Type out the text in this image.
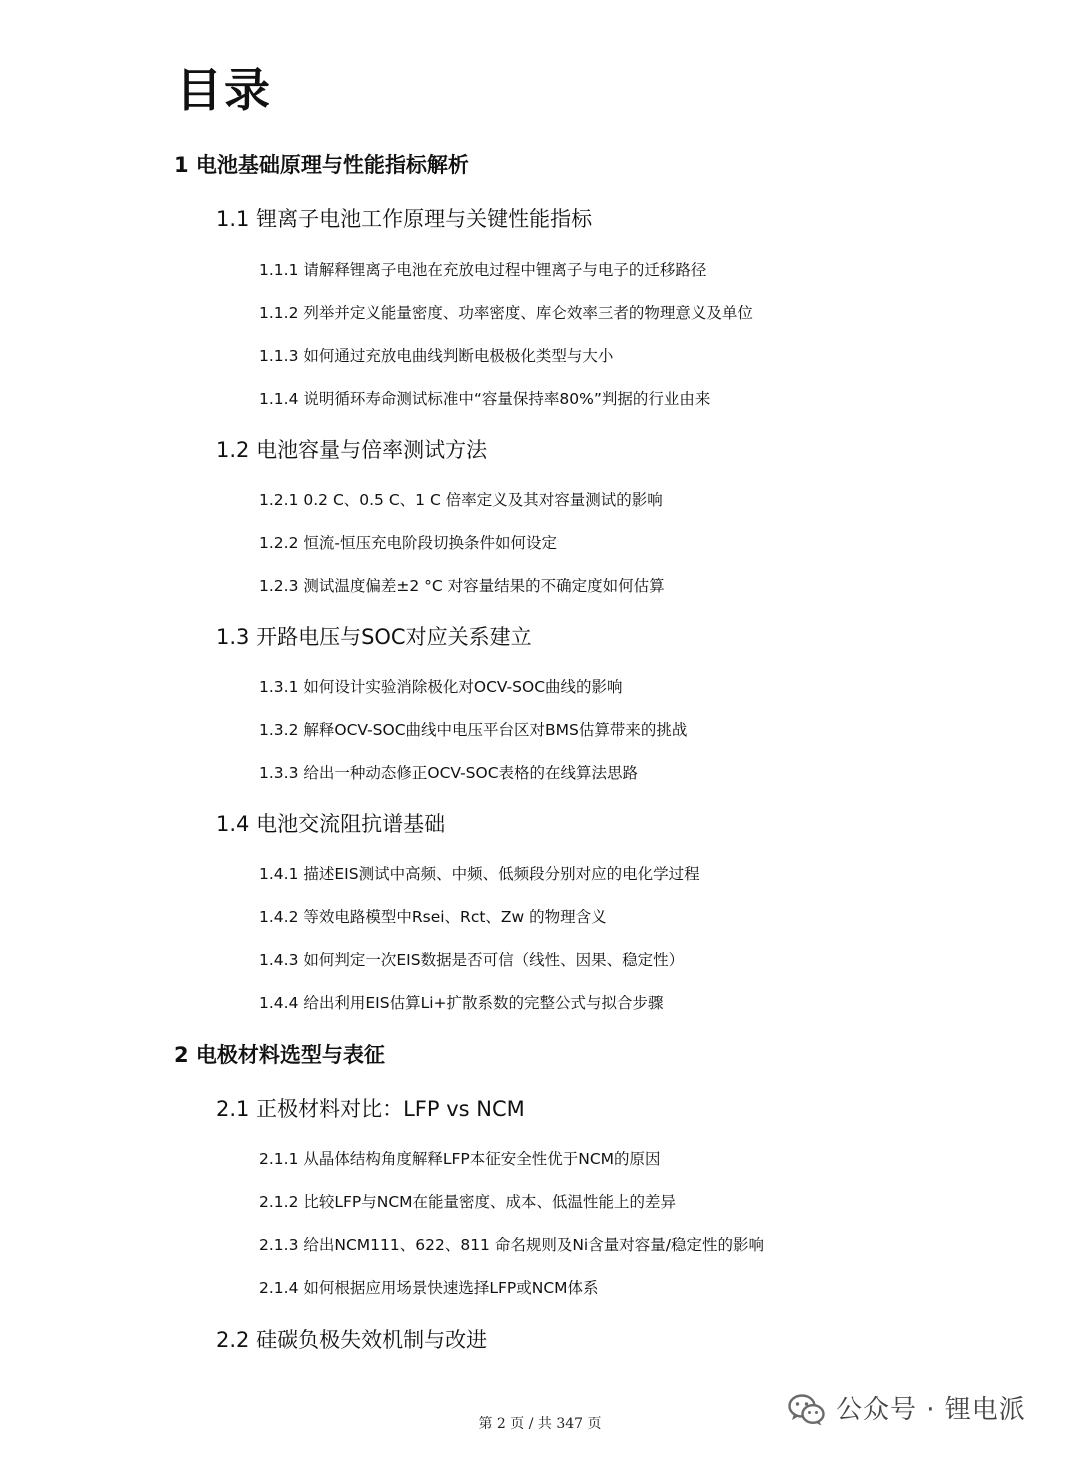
目录
1 电池基础原理与性能指标解析
2 电极材料选型与表征
1.1 锂离子电池工作原理与关键性能指标
1.2 电池容量与倍率测试方法
1.3 开路电压与SOC对应关系建立
1.4 电池交流阻抗谱基础
2.1 正极材料对比：LFP vs NCM
2.2 硅碳负极失效机制与改进
1.1.1 请解释锂离子电池在充放电过程中锂离子与电子的迁移路径
1.1.2 列举并定义能量密度、功率密度、库仑效率三者的物理意义及单位
1.1.3 如何通过充放电曲线判断电极极化类型与大小
1.1.4 说明循环寿命测试标准中“容量保持率80%”判据的行业由来
1.2.1 0.2 C、0.5 C、1 C 倍率定义及其对容量测试的影响
1.2.2 恒流-恒压充电阶段切换条件如何设定
1.2.3 测试温度偏差±2 °C 对容量结果的不确定度如何估算
1.3.1 如何设计实验消除极化对OCV-SOC曲线的影响
1.3.2 解释OCV-SOC曲线中电压平台区对BMS估算带来的挑战
1.3.3 给出一种动态修正OCV-SOC表格的在线算法思路
1.4.1 描述EIS测试中高频、中频、低频段分别对应的电化学过程
1.4.2 等效电路模型中Rsei、Rct、Zw 的物理含义
1.4.3 如何判定一次EIS数据是否可信（线性、因果、稳定性）
1.4.4 给出利用EIS估算Li+扩散系数的完整公式与拟合步骤
2.1.1 从晶体结构角度解释LFP本征安全性优于NCM的原因
2.1.2 比较LFP与NCM在能量密度、成本、低温性能上的差异
2.1.3 给出NCM111、622、811 命名规则及Ni含量对容量/稳定性的影响
2.1.4 如何根据应用场景快速选择LFP或NCM体系
第 2 页 / 共 347 页	公众号 · 锂电派
